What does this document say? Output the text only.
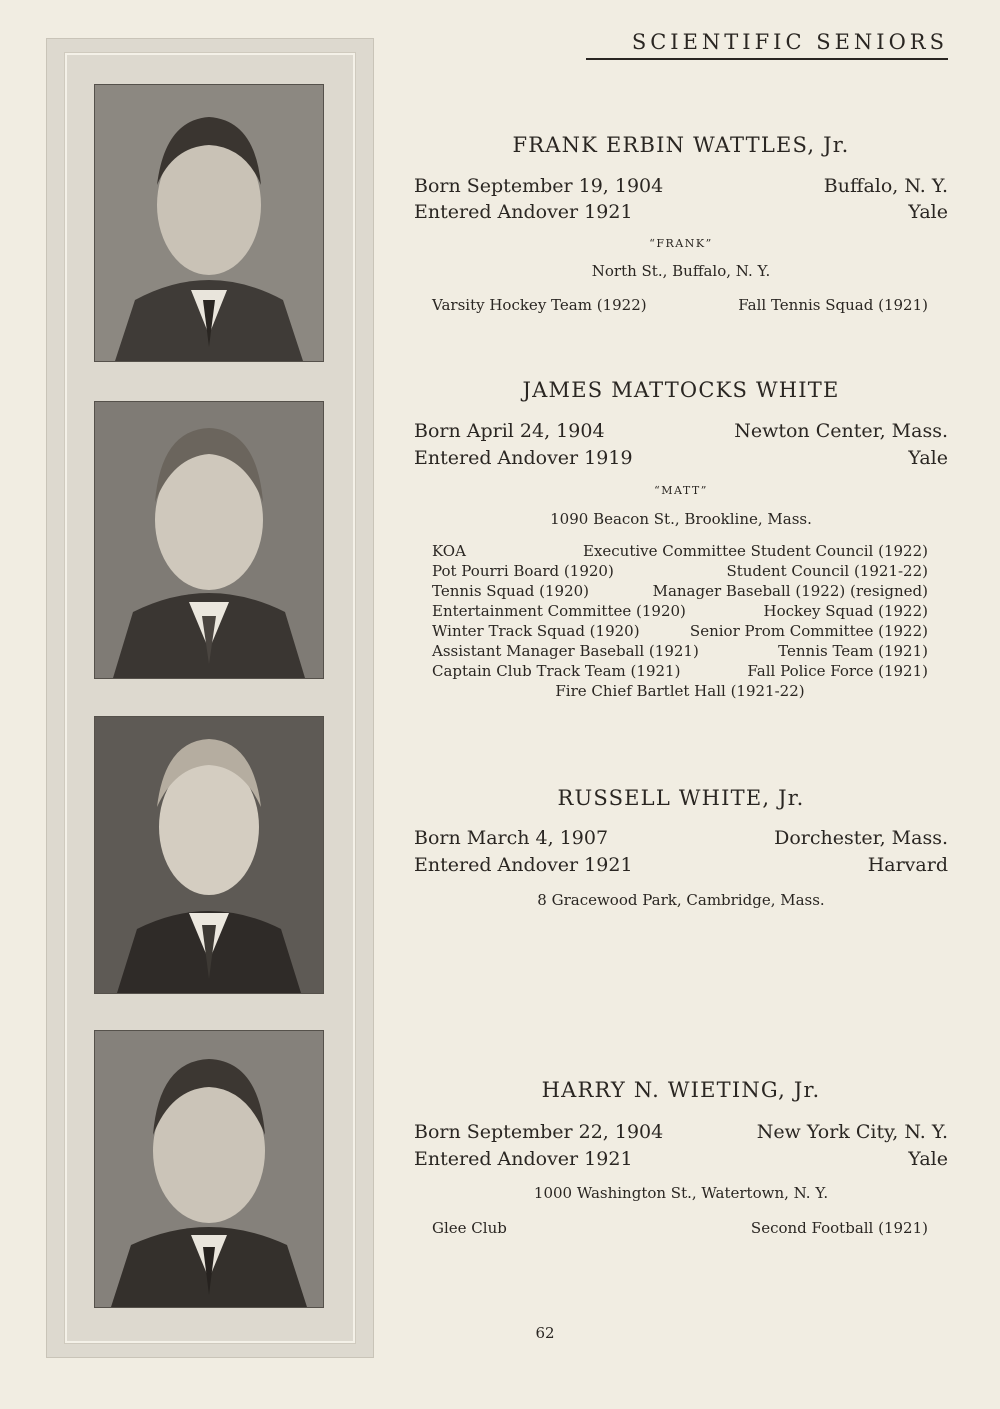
SCIENTIFIC SENIORS
FRANK ERBIN WATTLES, Jr.
Born September 19, 1904	Buffalo, N. Y.
Entered Andover 1921	Yale
“FRANK”
North St., Buffalo, N. Y.
Varsity Hockey Team (1922)	Fall Tennis Squad (1921)
JAMES MATTOCKS WHITE
Born April 24, 1904	Newton Center, Mass.
Entered Andover 1919	Yale
“MATT”
1090 Beacon St., Brookline, Mass.
KOA	Executive Committee Student Council (1922)
Pot Pourri Board (1920)	Student Council (1921-22)
Tennis Squad (1920)	Manager Baseball (1922) (resigned)
Entertainment Committee (1920)	Hockey Squad (1922)
Winter Track Squad (1920)	Senior Prom Committee (1922)
Assistant Manager Baseball (1921)	Tennis Team (1921)
Captain Club Track Team (1921)	Fall Police Force (1921)
Fire Chief Bartlet Hall (1921-22)
RUSSELL WHITE, Jr.
Born March 4, 1907	Dorchester, Mass.
Entered Andover 1921	Harvard
8 Gracewood Park, Cambridge, Mass.
HARRY N. WIETING, Jr.
Born September 22, 1904	New York City, N. Y.
Entered Andover 1921	Yale
1000 Washington St., Watertown, N. Y.
Glee Club	Second Football (1921)
62
